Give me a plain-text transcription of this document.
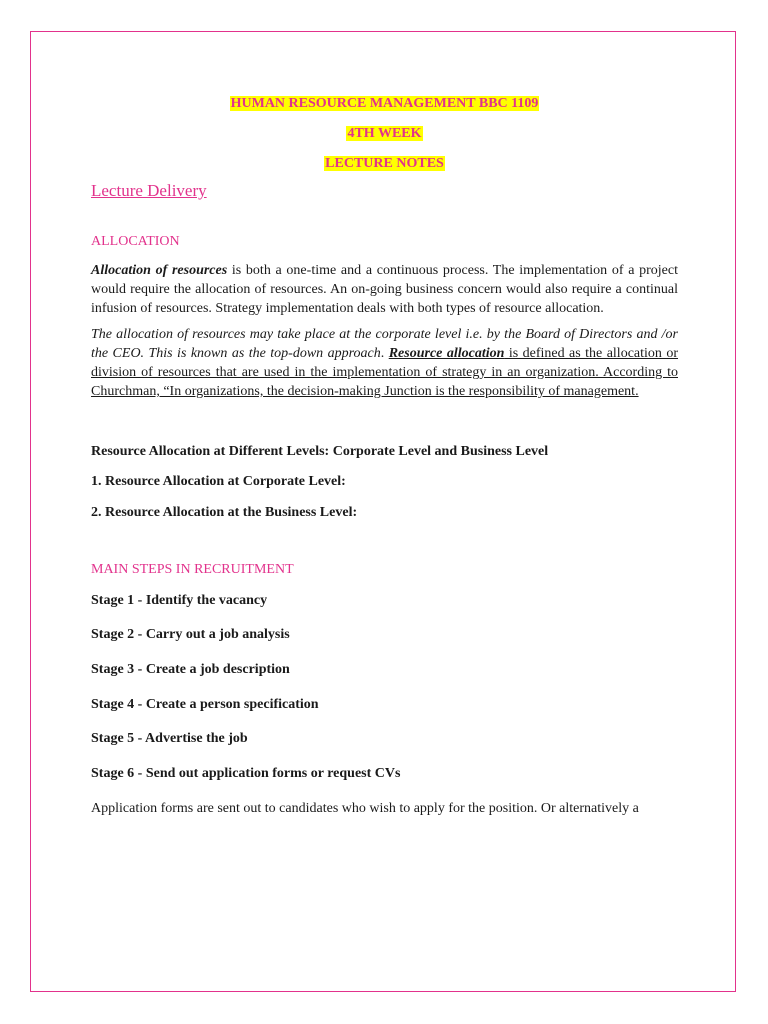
HUMAN RESOURCE MANAGEMENT BBC 1109
4TH WEEK
LECTURE NOTES
Lecture Delivery
ALLOCATION

Allocation of resources is both a one-time and a continuous process. The implementation of a project would require the allocation of resources. An on-going business concern would also require a continual infusion of resources. Strategy implementation deals with both types of resource allocation.

The allocation of resources may take place at the corporate level i.e. by the Board of Directors and /or the CEO. This is known as the top-down approach. Resource allocation is defined as the allocation or division of resources that are used in the implementation of strategy in an organization. According to Churchman, “In organizations, the decision-making Junction is the responsibility of management.

Resource Allocation at Different Levels: Corporate Level and Business Level
1. Resource Allocation at Corporate Level:
2. Resource Allocation at the Business Level:
MAIN STEPS IN RECRUITMENT
Stage 1 - Identify the vacancy
Stage 2 - Carry out a job analysis
Stage 3 - Create a job description
Stage 4 - Create a person specification
Stage 5 - Advertise the job
Stage 6 - Send out application forms or request CVs

Application forms are sent out to candidates who wish to apply for the position. Or alternatively a
